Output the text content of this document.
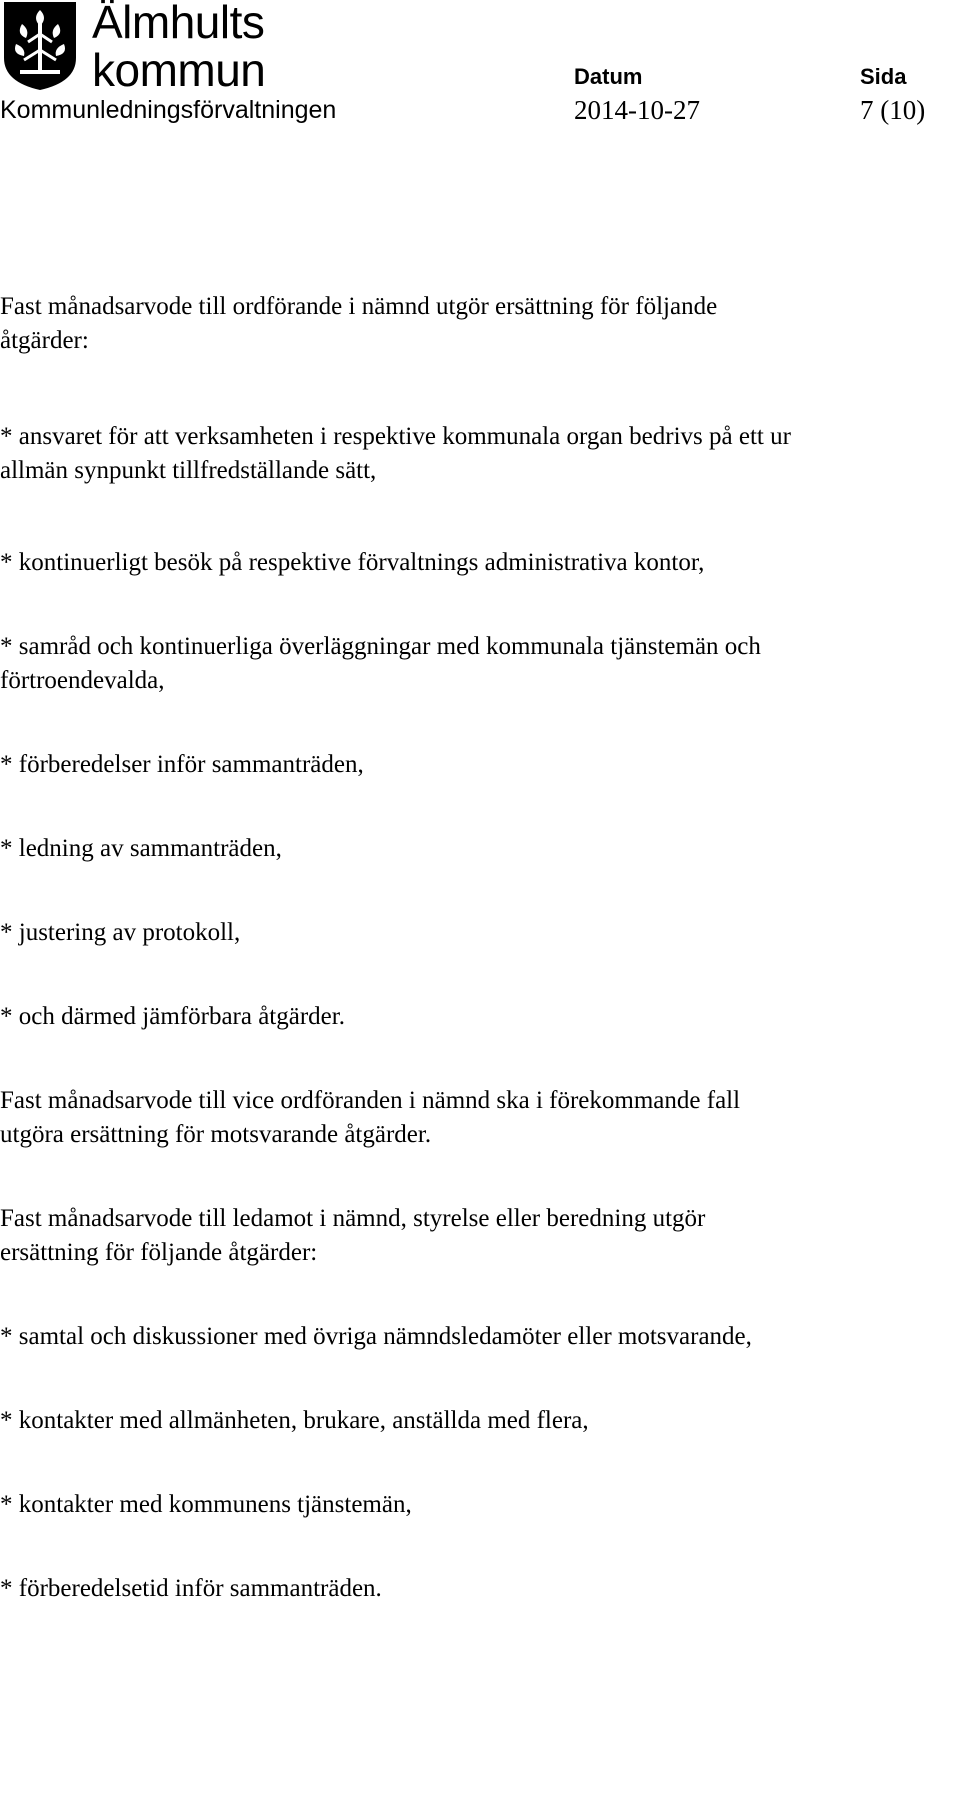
Älmhults
kommun
Kommunledningsförvaltningen
Datum
2014-10-27
Sida
7 (10)

Fast månadsarvode till ordförande i nämnd utgör ersättning för följande

åtgärder:

* ansvaret för att verksamheten i respektive kommunala organ bedrivs på ett ur

allmän synpunkt tillfredställande sätt,

* kontinuerligt besök på respektive förvaltnings administrativa kontor,

* samråd och kontinuerliga överläggningar med kommunala tjänstemän och

förtroendevalda,

* förberedelser inför sammanträden,

* ledning av sammanträden,

* justering av protokoll,

* och därmed jämförbara åtgärder.

Fast månadsarvode till vice ordföranden i nämnd ska i förekommande fall

utgöra ersättning för motsvarande åtgärder.

Fast månadsarvode till ledamot i nämnd, styrelse eller beredning utgör

ersättning för följande åtgärder:

* samtal och diskussioner med övriga nämndsledamöter eller motsvarande,

* kontakter med allmänheten, brukare, anställda med flera,

* kontakter med kommunens tjänstemän,

* förberedelsetid inför sammanträden.
